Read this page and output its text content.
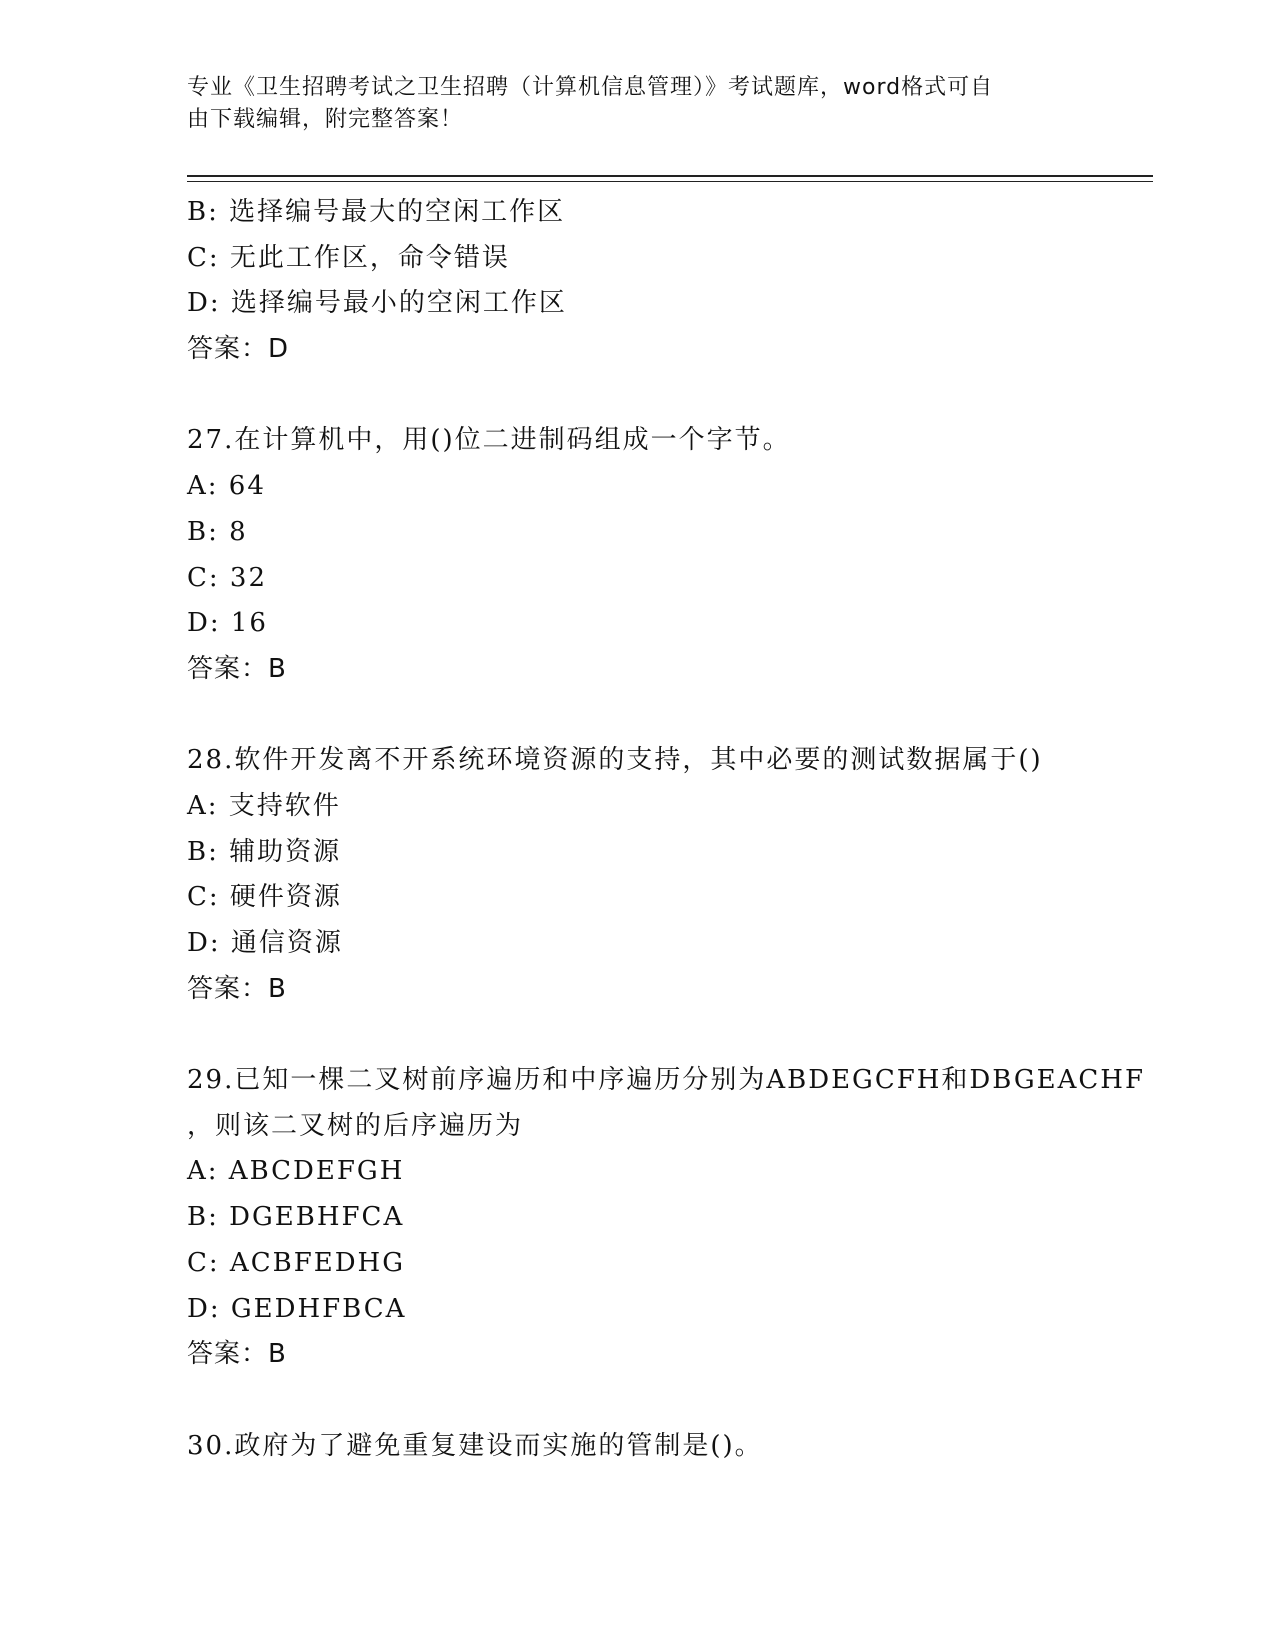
专业《卫生招聘考试之卫生招聘（计算机信息管理）》考试题库，word格式可自
由下载编辑，附完整答案！
B: 选择编号最大的空闲工作区
C: 无此工作区，命令错误
D: 选择编号最小的空闲工作区
答案：D
27.在计算机中，用()位二进制码组成一个字节。
A: 64
B: 8
C: 32
D: 16
答案：B
28.软件开发离不开系统环境资源的支持，其中必要的测试数据属于()
A: 支持软件
B: 辅助资源
C: 硬件资源
D: 通信资源
答案：B
29.已知一棵二叉树前序遍历和中序遍历分别为ABDEGCFH和DBGEACHF
，则该二叉树的后序遍历为
A: ABCDEFGH
B: DGEBHFCA
C: ACBFEDHG
D: GEDHFBCA
答案：B
30.政府为了避免重复建设而实施的管制是()。
